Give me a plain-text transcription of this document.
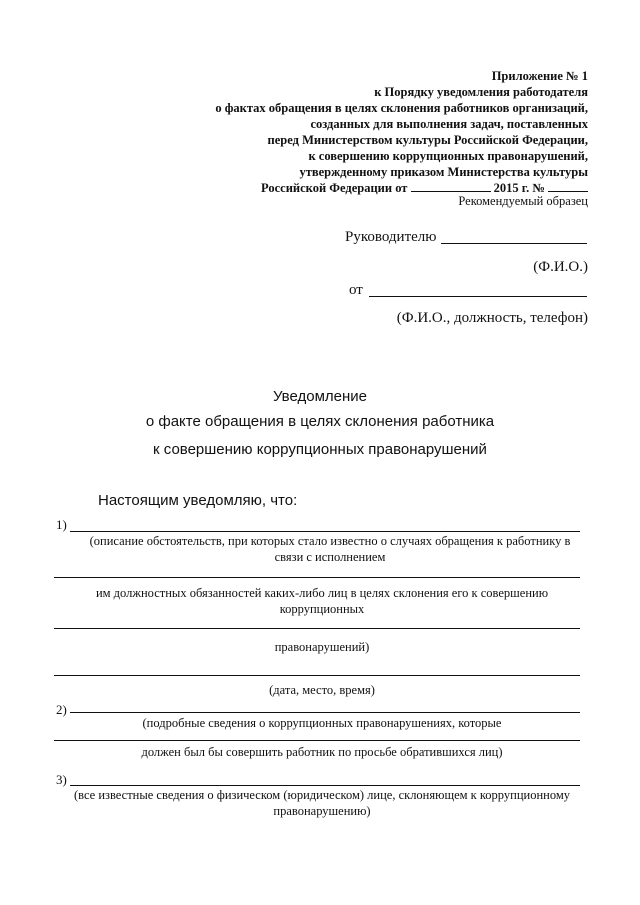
Приложение № 1
к Порядку уведомления работодателя
о фактах обращения в целях склонения работников организаций,
созданных для выполнения задач, поставленных
перед Министерством культуры Российской Федерации,
к совершению коррупционных правонарушений,
утвержденному приказом Министерства культуры
Российской Федерации от	2015 г. №
Рекомендуемый образец
Руководителю
(Ф.И.О.)
от
(Ф.И.О., должность, телефон)
Уведомление
о факте обращения в целях склонения работника
к совершению коррупционных правонарушений
Настоящим уведомляю, что:
1)
(описание обстоятельств, при которых стало известно о случаях обращения к работнику в
связи с исполнением
им должностных обязанностей каких-либо лиц в целях склонения его к совершению
коррупционных
правонарушений)
(дата, место, время)
2)
(подробные сведения о коррупционных правонарушениях, которые
должен был бы совершить работник по просьбе обратившихся лиц)
3)
(все известные сведения о физическом (юридическом) лице, склоняющем к коррупционному
правонарушению)
